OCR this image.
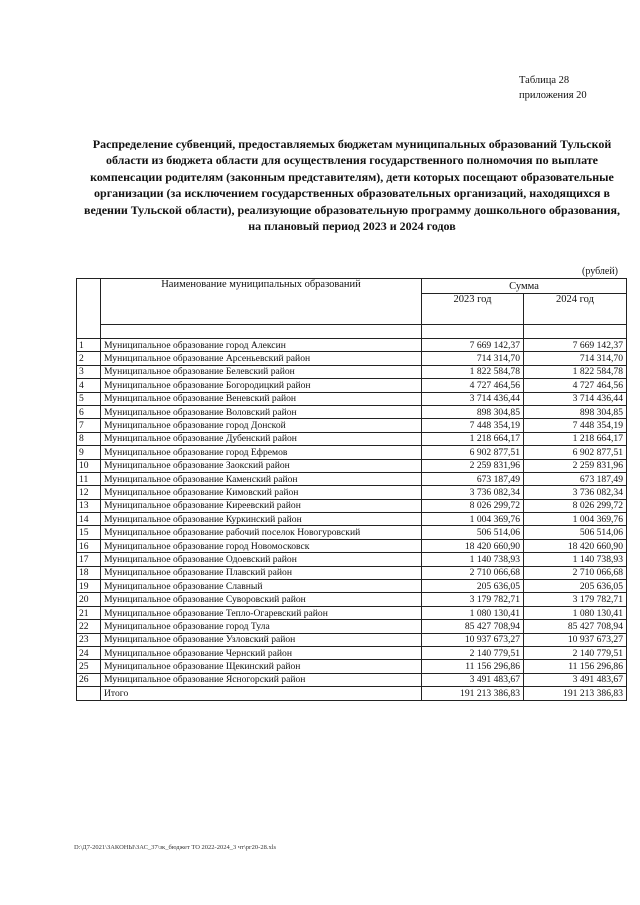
Таблица 28
приложения 20
Распределение субвенций, предоставляемых бюджетам муниципальных образований Тульской области из бюджета области для осуществления государственного полномочия по выплате компенсации родителям (законным представителям), дети которых посещают образовательные организации (за исключением государственных образовательных организаций, находящихся в ведении Тульской области), реализующие образовательную программу дошкольного образования, на плановый период 2023 и 2024 годов
(рублей)
	Наименование муниципальных образований	Сумма	
		2023 год	2024 год

1	Муниципальное образование город Алексин	7 669 142,37	7 669 142,37
2	Муниципальное образование Арсеньевский район	714 314,70	714 314,70
3	Муниципальное образование Белевский район	1 822 584,78	1 822 584,78
4	Муниципальное образование Богородицкий район	4 727 464,56	4 727 464,56
5	Муниципальное образование Веневский район	3 714 436,44	3 714 436,44
6	Муниципальное образование Воловский район	898 304,85	898 304,85
7	Муниципальное образование город Донской	7 448 354,19	7 448 354,19
8	Муниципальное образование Дубенский район	1 218 664,17	1 218 664,17
9	Муниципальное образование город Ефремов	6 902 877,51	6 902 877,51
10	Муниципальное образование Заокский район	2 259 831,96	2 259 831,96
11	Муниципальное образование Каменский район	673 187,49	673 187,49
12	Муниципальное образование Кимовский район	3 736 082,34	3 736 082,34
13	Муниципальное образование Киреевский район	8 026 299,72	8 026 299,72
14	Муниципальное образование Куркинский район	1 004 369,76	1 004 369,76
15	Муниципальное образование рабочий поселок Новогуровский	506 514,06	506 514,06
16	Муниципальное образование город Новомосковск	18 420 660,90	18 420 660,90
17	Муниципальное образование Одоевский район	1 140 738,93	1 140 738,93
18	Муниципальное образование Плавский район	2 710 066,68	2 710 066,68
19	Муниципальное образование Славный	205 636,05	205 636,05
20	Муниципальное образование Суворовский район	3 179 782,71	3 179 782,71
21	Муниципальное образование Тепло-Огаревский район	1 080 130,41	1 080 130,41
22	Муниципальное образование город Тула	85 427 708,94	85 427 708,94
23	Муниципальное образование Узловский район	10 937 673,27	10 937 673,27
24	Муниципальное образование Чернский район	2 140 779,51	2 140 779,51
25	Муниципальное образование Щекинский район	11 156 296,86	11 156 296,86
26	Муниципальное образование Ясногорский район	3 491 483,67	3 491 483,67
	Итого	191 213 386,83	191 213 386,83
D:\Д7-2021\ЗАКОНЫ\ЗАС_37\зк_бюджет ТО 2022-2024_3 чт\рг20-28.xls
